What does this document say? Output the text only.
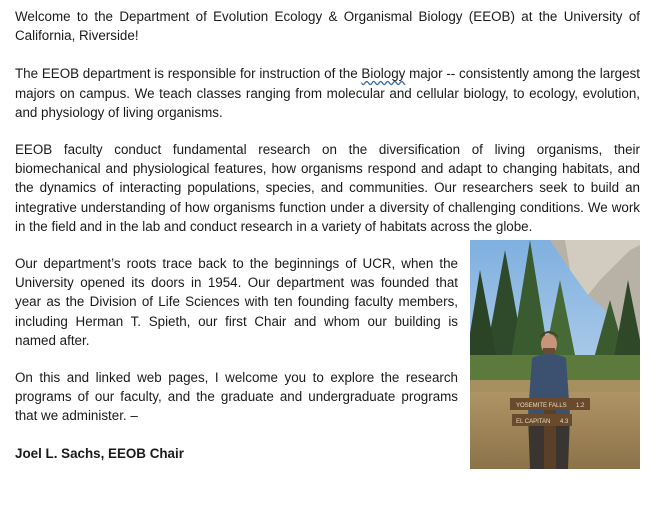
Welcome to the Department of Evolution Ecology & Organismal Biology (EEOB) at the University of California, Riverside!

The EEOB department is responsible for instruction of the Biology major -- consistently among the largest majors on campus. We teach classes ranging from molecular and cellular biology, to ecology, evolution, and physiology of living organisms.

EEOB faculty conduct fundamental research on the diversification of living organisms, their biomechanical and physiological features, how organisms respond and adapt to changing habitats, and the dynamics of interacting populations, species, and communities. Our researchers seek to build an integrative understanding of how organisms function under a diversity of challenging conditions. We work in the field and in the lab and conduct research in a variety of habitats across the globe.

YOSEMITE FALLS 1.2
EL CAPITAN 4.3

Our department’s roots trace back to the beginnings of UCR, when the University opened its doors in 1954. Our department was founded that year as the Division of Life Sciences with ten founding faculty members, including Herman T. Spieth, our first Chair and whom our building is named after.

On this and linked web pages, I welcome you to explore the research programs of our faculty, and the graduate and undergraduate programs that we administer. –

Joel L. Sachs, EEOB Chair
